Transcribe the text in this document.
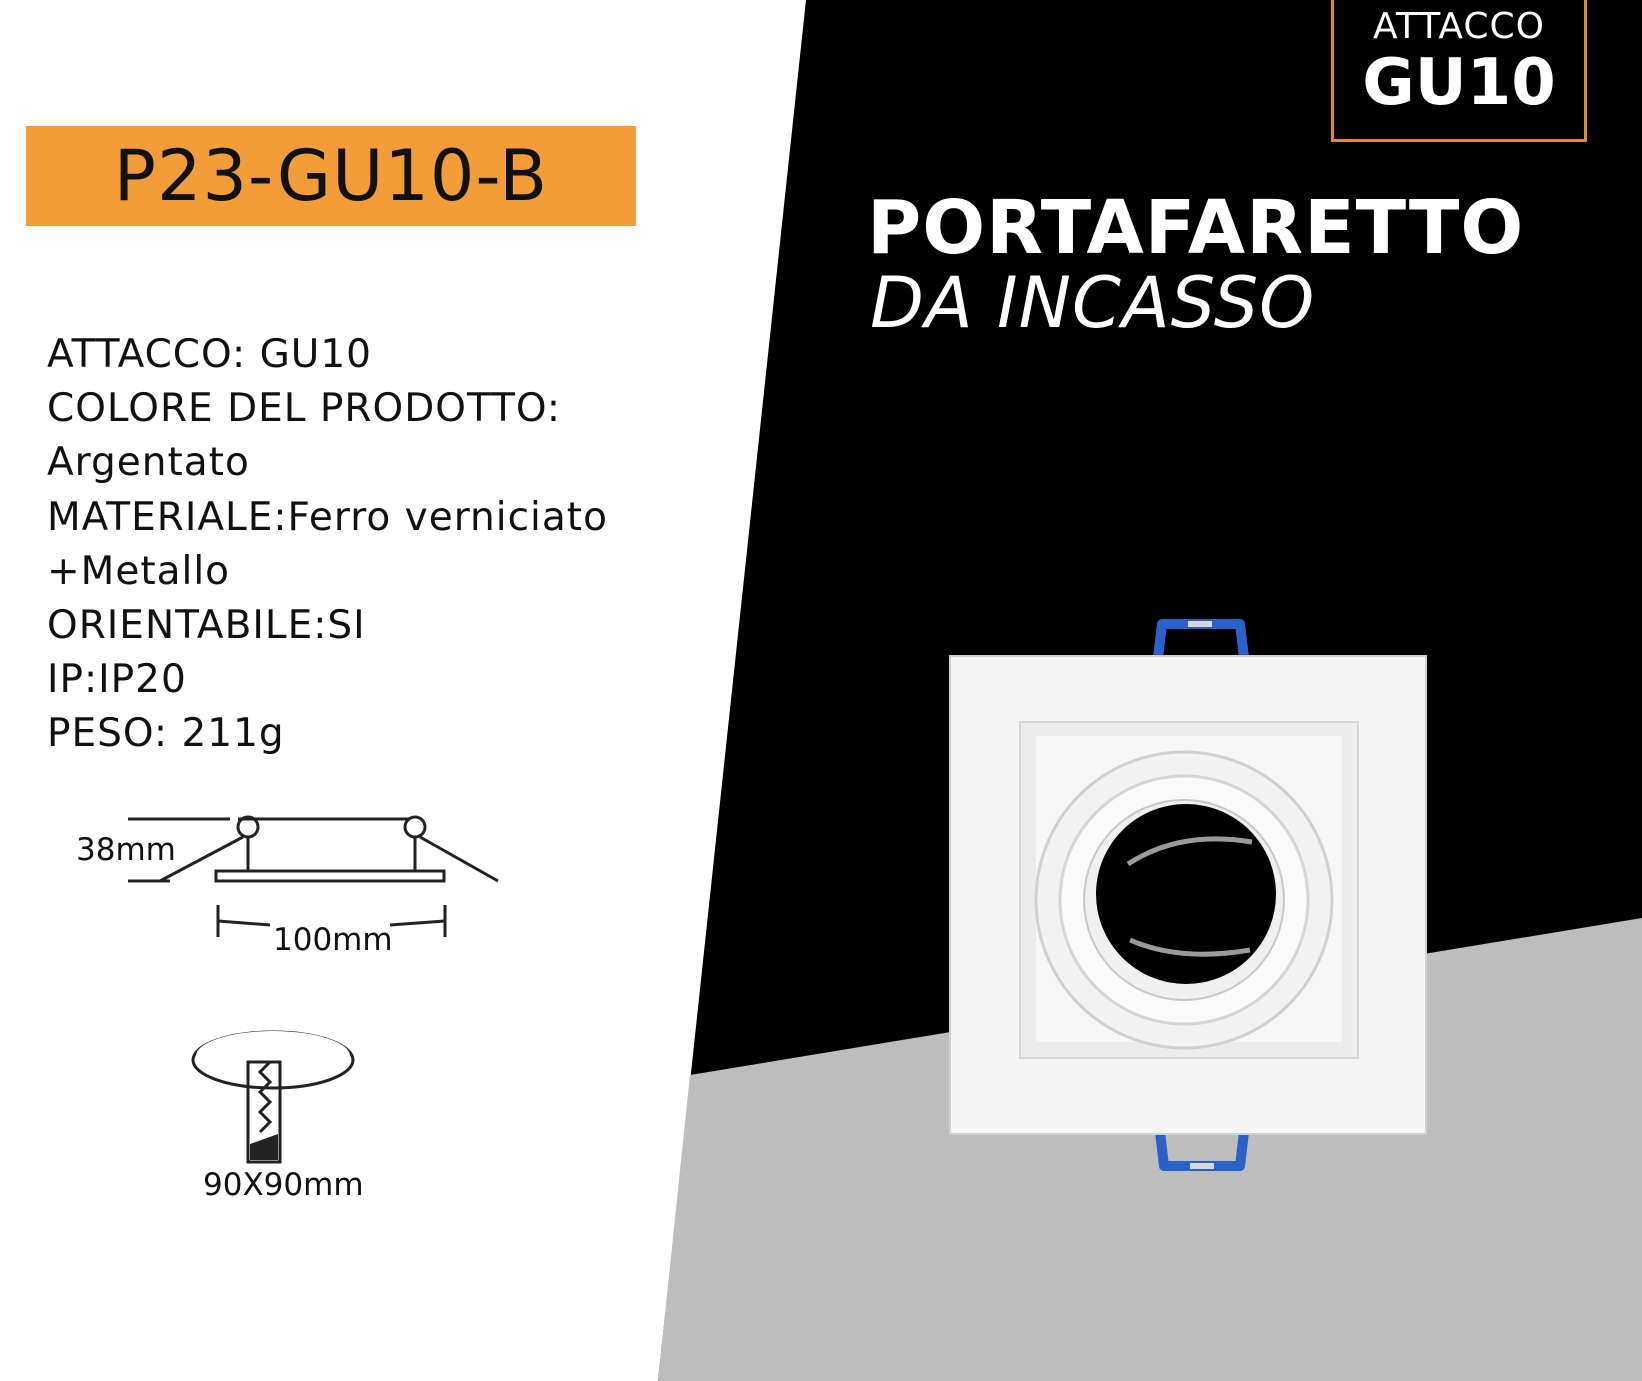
P23-GU10-B
ATTACCO
GU10
PORTAFARETTO
DA INCASSO
ATTACCO: GU10
COLORE DEL PRODOTTO:
Argentato
MATERIALE:Ferro verniciato
+Metallo
ORIENTABILE:SI
IP:IP20
PESO: 211g
38mm
100mm
90X90mm
